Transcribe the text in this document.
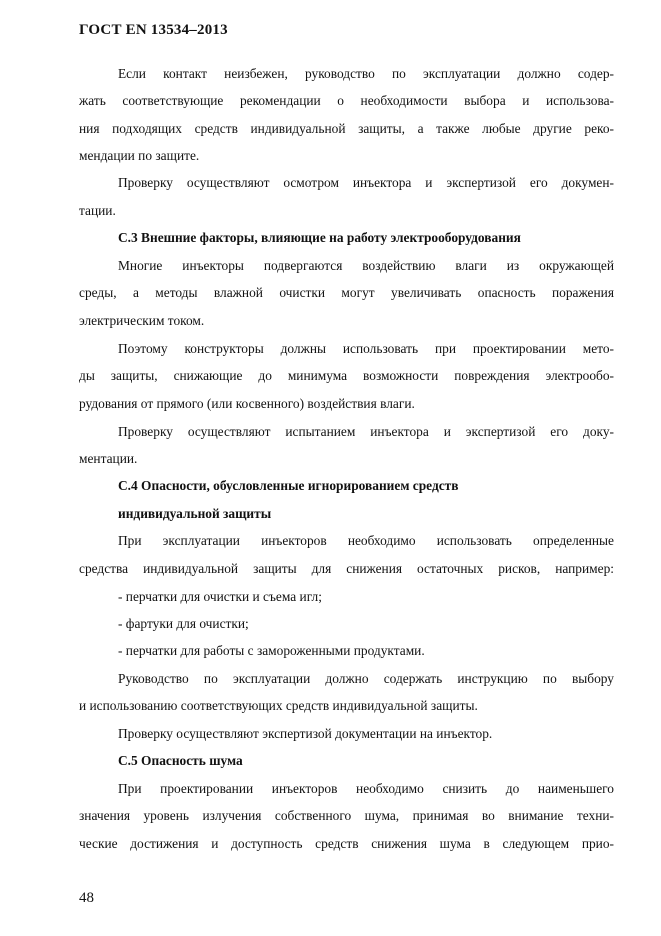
ГОСТ EN 13534–2013
Если контакт неизбежен, руководство по эксплуатации должно содер-
жать соответствующие рекомендации о необходимости выбора и использова-
ния подходящих средств индивидуальной защиты, а также любые другие реко-
мендации по защите.
Проверку осуществляют осмотром инъектора и экспертизой его докумен-
тации.
С.3 Внешние факторы, влияющие на работу электрооборудования
Многие инъекторы подвергаются воздействию влаги из окружающей
среды, а методы влажной очистки могут увеличивать опасность поражения
электрическим током.
Поэтому конструкторы должны использовать при проектировании мето-
ды защиты, снижающие до минимума возможности повреждения электрообо-
рудования от прямого (или косвенного) воздействия влаги.
Проверку осуществляют испытанием инъектора и экспертизой его доку-
ментации.
С.4 Опасности, обусловленные игнорированием средств
индивидуальной защиты
При эксплуатации инъекторов необходимо использовать определенные
средства индивидуальной защиты для снижения остаточных рисков, например:
- перчатки для очистки и съема игл;
- фартуки для очистки;
- перчатки для работы с замороженными продуктами.
Руководство по эксплуатации должно содержать инструкцию по выбору
и использованию соответствующих средств индивидуальной защиты.
Проверку осуществляют экспертизой документации на инъектор.
С.5 Опасность шума
При проектировании инъекторов необходимо снизить до наименьшего
значения уровень излучения собственного шума, принимая во внимание техни-
ческие достижения и доступность средств снижения шума в следующем прио-
48
